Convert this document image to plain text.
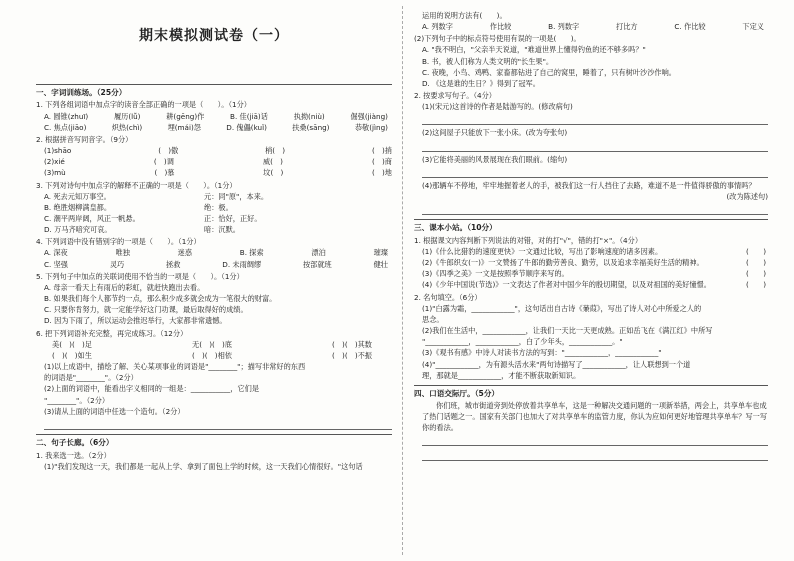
期末模拟测试卷（一）
一、字词训练场。（25分）
1. 下列各组词语中加点字的读音全部正确的一项是（　　）。（1分）
A. 圆锥(zhuī)	履历(lǚ)	耕(gēng)作	B. 佳(jiā)话	执拗(niù)	倔强(jiàng)
C. 焦点(jiāo)	炽热(chì)	埋(mái)怨	D. 傀儡(kuǐ)	扶桑(sāng)	恭敬(jìng)
2. 根据拼音写同音字。（9分）
(1)shāo	(　)傲	梢(　)	(　)捎
(2)xié	(　)调	威(　)	(　)商
(3)mù	(　)慕	坟(　)	(　)地
3. 下列对诗句中加点字的解释不正确的一项是（　　）。（1分）
A. 死去元知万事空。	元：同"原"，本来。
B. 绝胜烟柳满皇都。	绝：极。
C. 潮平两岸阔，风正一帆悬。	正：恰好，正好。
D. 万马齐喑究可哀。	喑：沉默。
4. 下列词语中没有错别字的一项是（　　）。（1分）
A. 深夜	唯独	迷惑	B. 探索	漂泊	璀璨
C. 坚强	灵巧	拯救	D. 未雨绸缪	按部就班	健壮
5. 下列句子中加点的关联词使用不恰当的一项是（　　）。（1分）
A. 母亲一看天上有雨后的彩虹，就赶快跑出去看。
B. 如果我们每个人都节约一点，那么积少成多就会成为一笔很大的财富。
C. 只要你肯努力，就一定能学好这门功课，最后取得好的成绩。
D. 因为下雨了，所以运动会推迟举行，大家都非常遗憾。
6. 把下列词语补充完整，再完成练习。（12分）
美(　)(　)足	无(　)(　)底	(　)(　)其数
(　)(　)如生	(　)(　)相依	(　)(　)不振
(1)以上成语中，描绘了解、关心某项事业的词语是"________"；描写非常好的东西
的词语是"________"。（2分）
(2)上面的词语中，能看出字义相同的一组是：___________，它们是
"________"。（2分）
(3)请从上面的词语中任选一个造句。（2分）
二、句子长廊。（6分）
1. 我来选一选。（2分）
(1)"我们发现这一天，我们都是一起从上学、拿到了面包上学的时候，这一天我们心情很好。"这句话
运用的说明方法有(　　)。
A. 列数字	作比较	B. 列数字	打比方	C. 作比较	下定义
(2)下列句子中的标点符号使用有误的一项是(　　)。
A. "我不明白，"父亲半天说道，"难道世界上懂得钓鱼的还不够多吗？"
B. 书，被人们称为人类文明的"长生果"。
C. 夜晚，小鸟、鸡鸭、家畜都钻进了自己的窝里，睡着了，只有树叶沙沙作响。
D. 《这是谁的生日？》得到了冠军。
2. 按要求写句子。（4分）
(1)(宋元)这首诗的作者是陆游写的。(修改病句)
(2)这间屋子只能放下一张小床。(改为夸张句)
(3)它能将美丽的风景展现在我们眼前。(缩句)
(4)那辆车不停地，牢牢地握着老人的手，被我们这一行人挡住了去路，难道不是一件值得骄傲的事情吗？
(改为陈述句)
三、课本小站。（10分）
1. 根据课文内容判断下列说法的对错，对的打"√"，错的打"×"。（4分）
(1)《什么比猎豹的速度更快》一文通过比较，写出了影响速度的诸多因素。	(　　)
(2)《牛郎织女(一)》一文赞扬了牛郎的勤劳善良、勤劳，以及追求幸福美好生活的精神。	(　　)
(3)《四季之美》一文是按照季节顺序来写的。	(　　)
(4)《少年中国说(节选)》一文表达了作者对中国少年的殷切期望，以及对祖国的美好憧憬。	(　　)
2. 名句填空。（6分）
(1)"白露为霜，____________"，这句话出自古诗《蒹葭》，写出了诗人对心中所爱之人的
思念。
(2)我们在生活中，____________，让我们一天比一天更成熟。正如岳飞在《满江红》中所写
"____________，____________，白了少年头，____________。"
(3)《观书有感》中诗人对读书方法的写到："____________，____________"
(4)"____________，为有源头活水来"两句诗描写了____________，让人联想到一个道
理，那就是____________，才能不断获取新知识。
四、口语交际厅。（5分）
你们班，城市街道旁到处停放着共享单车，这是一种解决交通问题的一项新举措，两会上，共享单车也成了热门话题之一。国家有关部门也加大了对共享单车的监管力度，你认为应如何更好地管理共享单车？写一写你的看法。
